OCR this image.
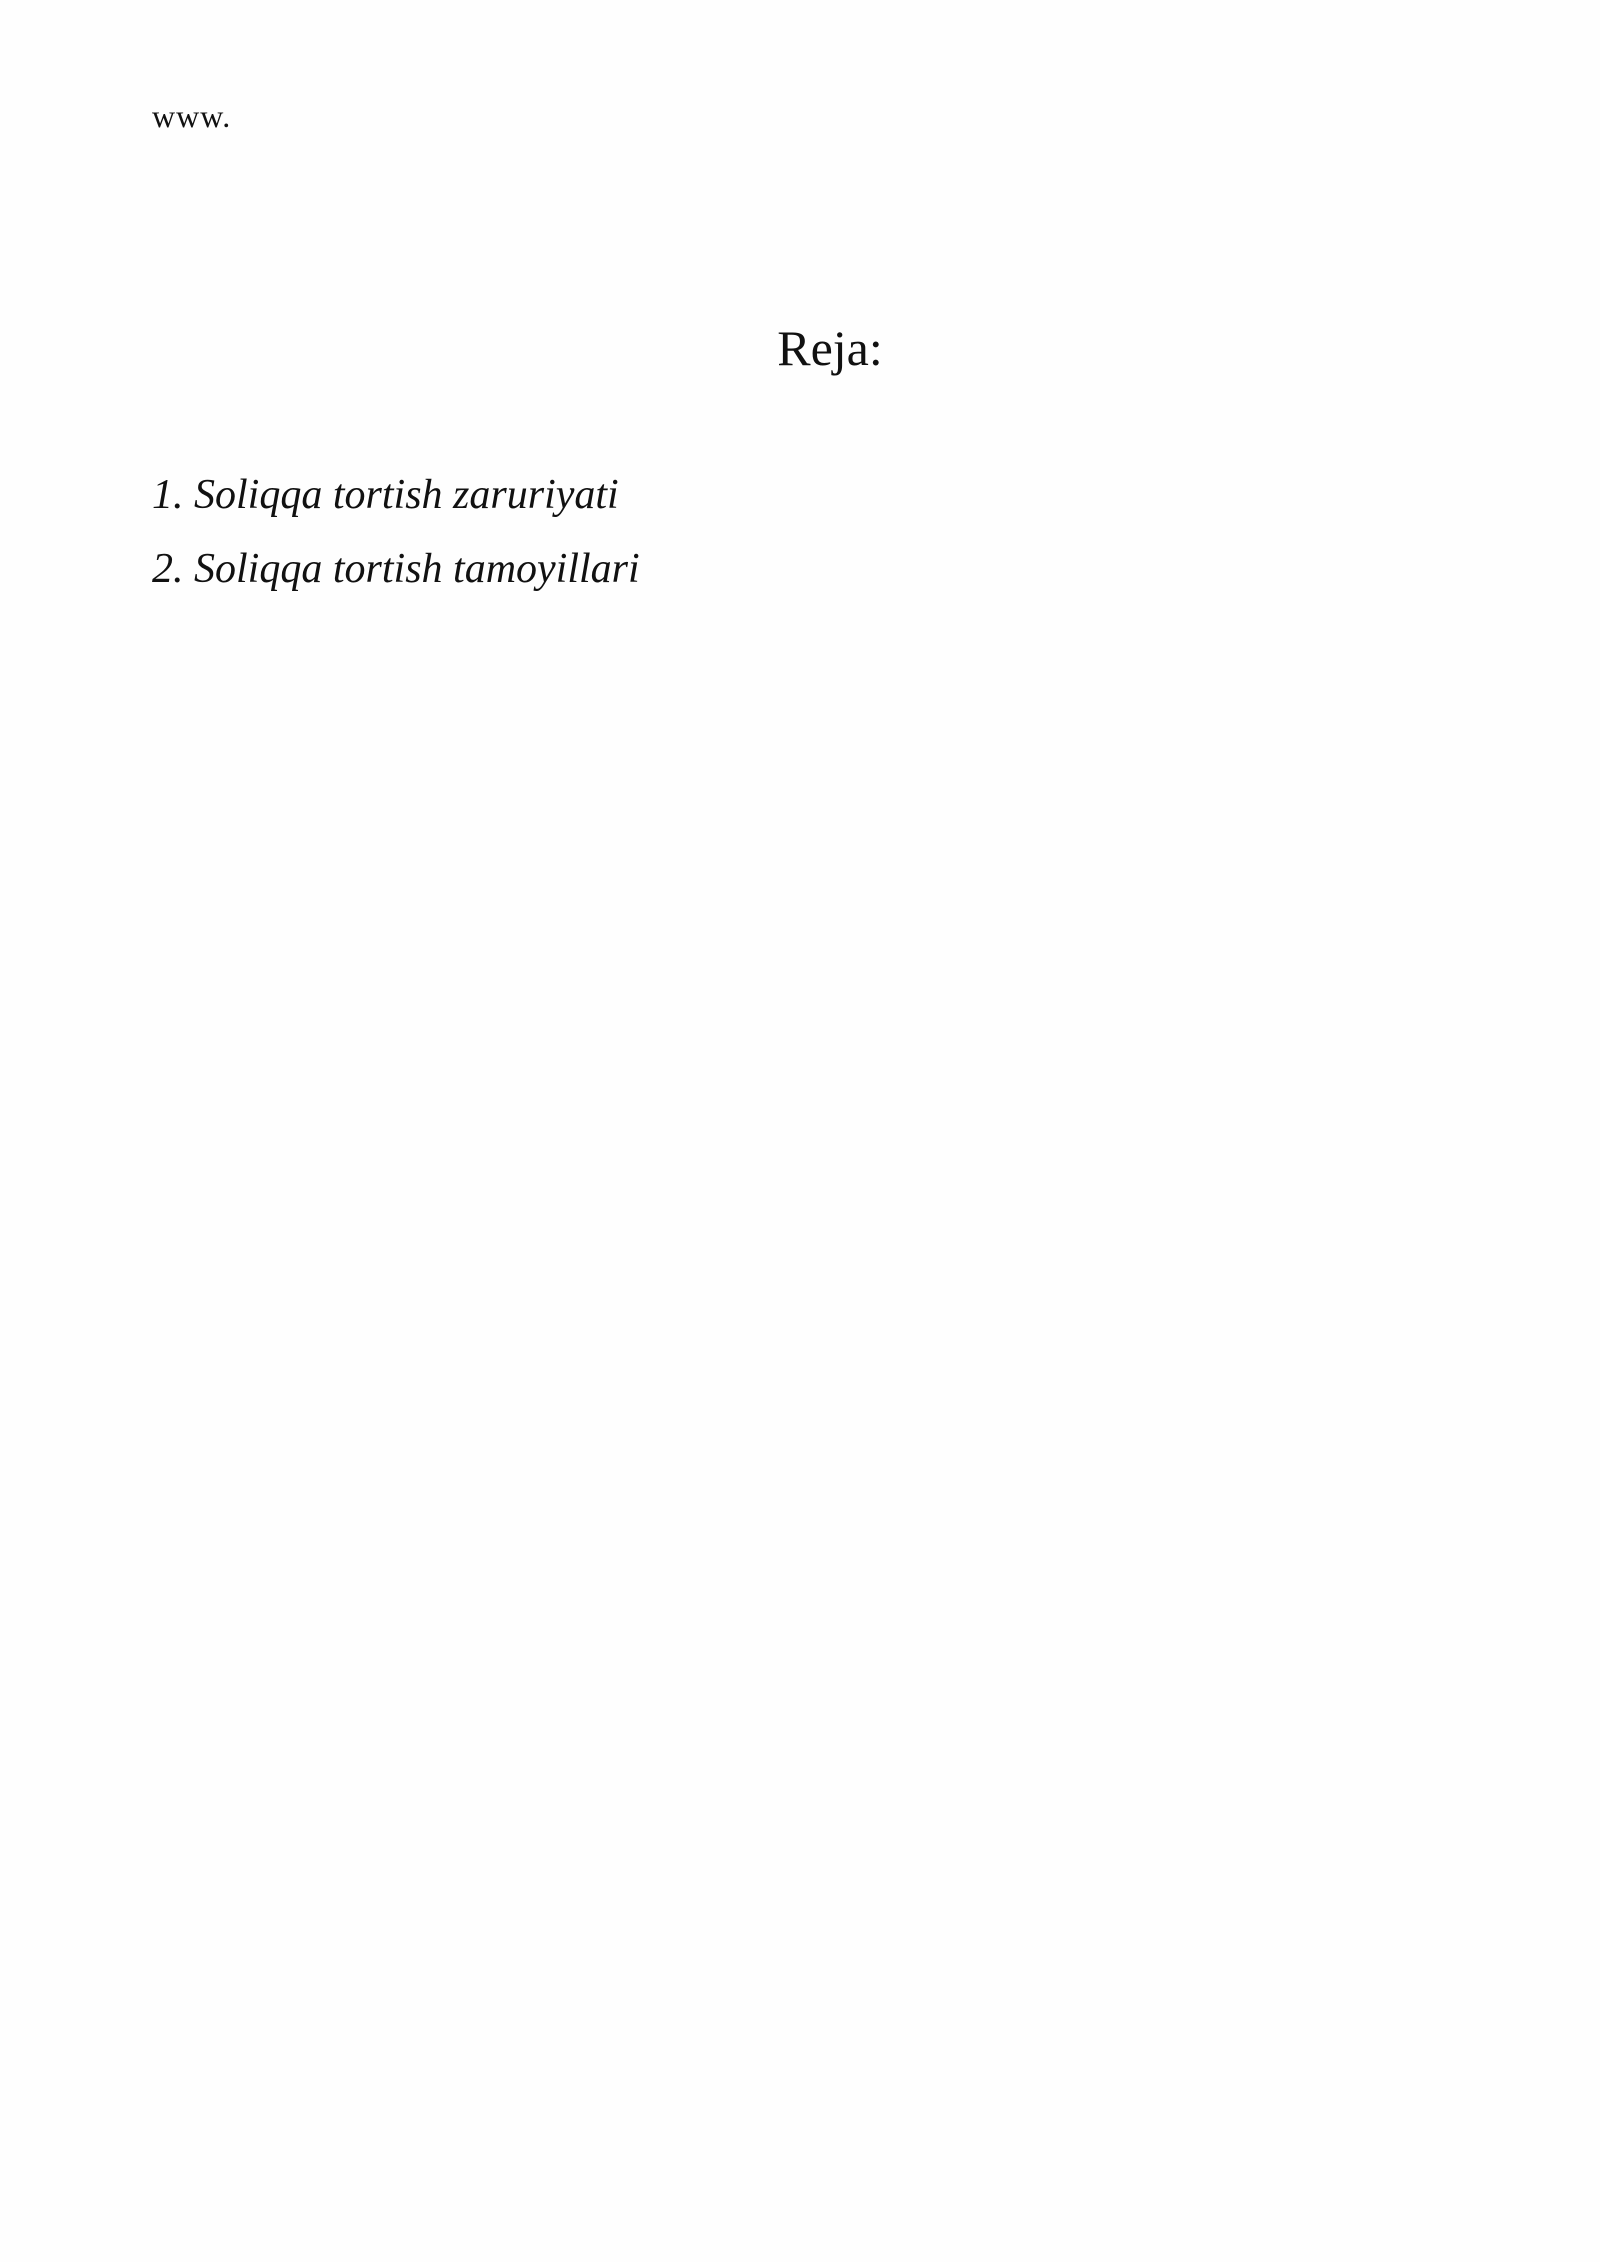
www.
Reja:
1. Soliqqa tortish zaruriyati
2. Soliqqa tortish tamoyillari
